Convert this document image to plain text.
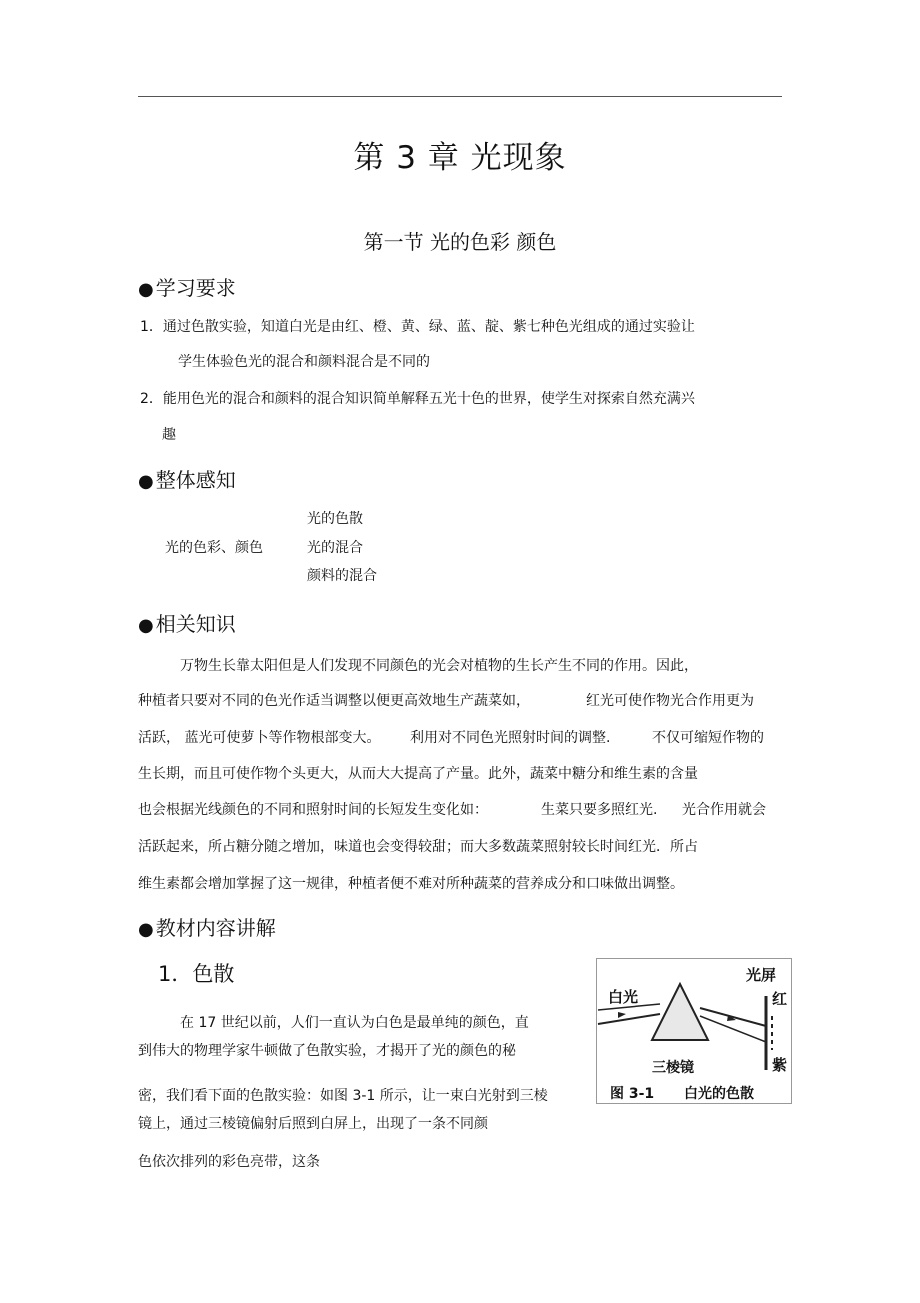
第 3 章 光现象
第一节 光的色彩 颜色
● 学习要求
1．通过色散实验，知道白光是由红、橙、黄、绿、蓝、靛、紫七种色光组成的通过实验让
学生体验色光的混合和颜料混合是不同的
2．能用色光的混合和颜料的混合知识简单解释五光十色的世界，使学生对探索自然充满兴
趣
● 整体感知
光的色彩、颜色
光的色散
光的混合
颜料的混合
● 相关知识
万物生长靠太阳但是人们发现不同颜色的光会对植物的生长产生不同的作用。因此，
种植者只要对不同的色光作适当调整以便更高效地生产蔬菜如，	红光可使作物光合作用更为
活跃， 蓝光可使萝卜等作物根部变大。 利用对不同色光照射时间的调整.	不仅可缩短作物的
生长期，而且可使作物个头更大，从而大大提高了产量。此外，蔬菜中糖分和维生素的含量
也会根据光线颜色的不同和照射时间的长短发生变化如：	生菜只要多照红光. 光合作用就会
活跃起来，所占糖分随之增加，味道也会变得较甜；而大多数蔬菜照射较长时间红光．所占
维生素都会增加掌握了这一规律，种植者便不难对所种蔬菜的营养成分和口味做出调整。
● 教材内容讲解
1．色散
在 17 世纪以前，人们一直认为白色是最单纯的颜色，直
到伟大的物理学家牛顿做了色散实验，才揭开了光的颜色的秘
密，我们看下面的色散实验：如图 3-1 所示，让一束白光射到三棱
镜上，通过三棱镜偏射后照到白屏上，出现了一条不同颜
色依次排列的彩色亮带，这条
白光
光屏
红
紫
三棱镜
图 3-1 白光的色散
